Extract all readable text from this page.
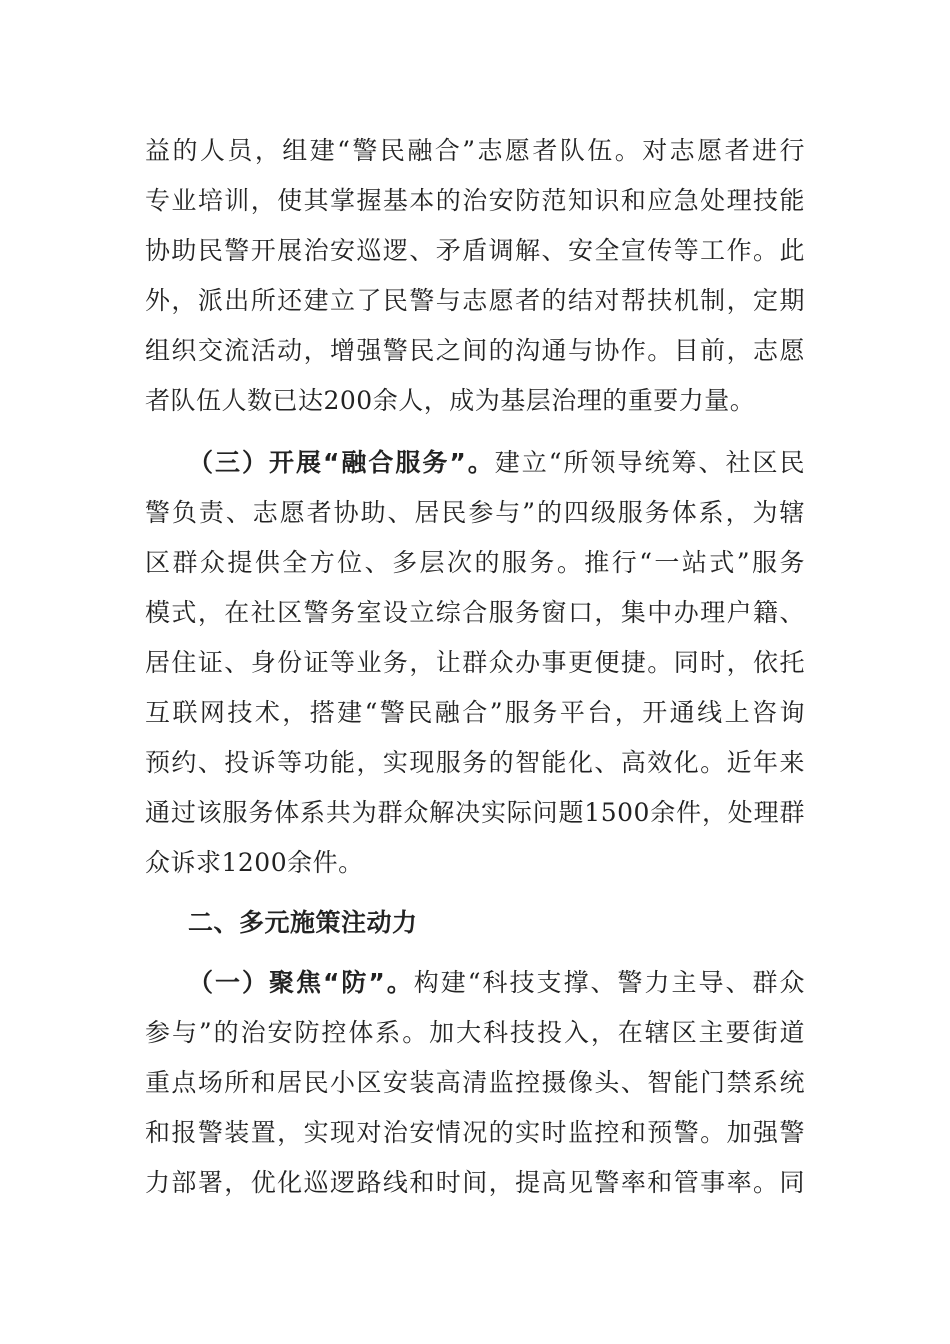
益的人员，组建“警民融合”志愿者队伍。对志愿者进行
专业培训，使其掌握基本的治安防范知识和应急处理技能
协助民警开展治安巡逻、矛盾调解、安全宣传等工作。此
外，派出所还建立了民警与志愿者的结对帮扶机制，定期
组织交流活动，增强警民之间的沟通与协作。目前，志愿
者队伍人数已达200余人，成为基层治理的重要力量。
（三）开展“融合服务”。建立“所领导统筹、社区民
警负责、志愿者协助、居民参与”的四级服务体系，为辖
区群众提供全方位、多层次的服务。推行“一站式”服务
模式，在社区警务室设立综合服务窗口，集中办理户籍、
居住证、身份证等业务，让群众办事更便捷。同时，依托
互联网技术，搭建“警民融合”服务平台，开通线上咨询
预约、投诉等功能，实现服务的智能化、高效化。近年来
通过该服务体系共为群众解决实际问题1500余件，处理群
众诉求1200余件。
二、多元施策注动力
（一）聚焦“防”。构建“科技支撑、警力主导、群众
参与”的治安防控体系。加大科技投入，在辖区主要街道
重点场所和居民小区安装高清监控摄像头、智能门禁系统
和报警装置，实现对治安情况的实时监控和预警。加强警
力部署，优化巡逻路线和时间，提高见警率和管事率。同
